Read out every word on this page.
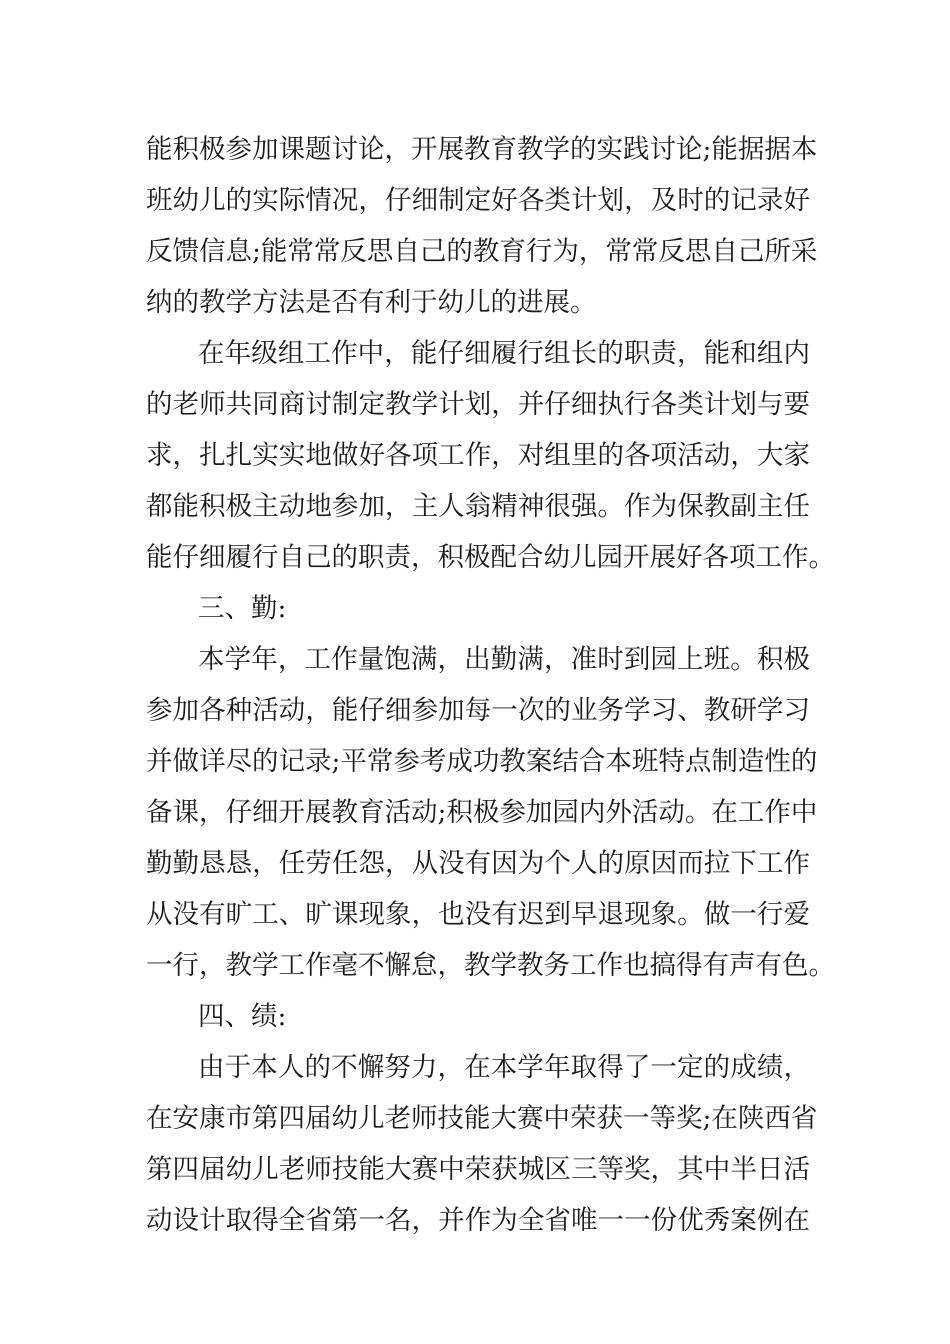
能积极参加课题讨论，开展教育教学的实践讨论;能据据本
班幼儿的实际情况，仔细制定好各类计划，及时的记录好
反馈信息;能常常反思自己的教育行为，常常反思自己所采
纳的教学方法是否有利于幼儿的进展。
在年级组工作中，能仔细履行组长的职责，能和组内
的老师共同商讨制定教学计划，并仔细执行各类计划与要
求，扎扎实实地做好各项工作，对组里的各项活动，大家
都能积极主动地参加，主人翁精神很强。作为保教副主任
能仔细履行自己的职责，积极配合幼儿园开展好各项工作。
三、勤:
本学年，工作量饱满，出勤满，准时到园上班。积极
参加各种活动，能仔细参加每一次的业务学习、教研学习
并做详尽的记录;平常参考成功教案结合本班特点制造性的
备课，仔细开展教育活动;积极参加园内外活动。在工作中
勤勤恳恳，任劳任怨，从没有因为个人的原因而拉下工作
从没有旷工、旷课现象，也没有迟到早退现象。做一行爱
一行，教学工作毫不懈怠，教学教务工作也搞得有声有色。
四、绩:
由于本人的不懈努力，在本学年取得了一定的成绩，
在安康市第四届幼儿老师技能大赛中荣获一等奖;在陕西省
第四届幼儿老师技能大赛中荣获城区三等奖，其中半日活
动设计取得全省第一名，并作为全省唯一一份优秀案例在
